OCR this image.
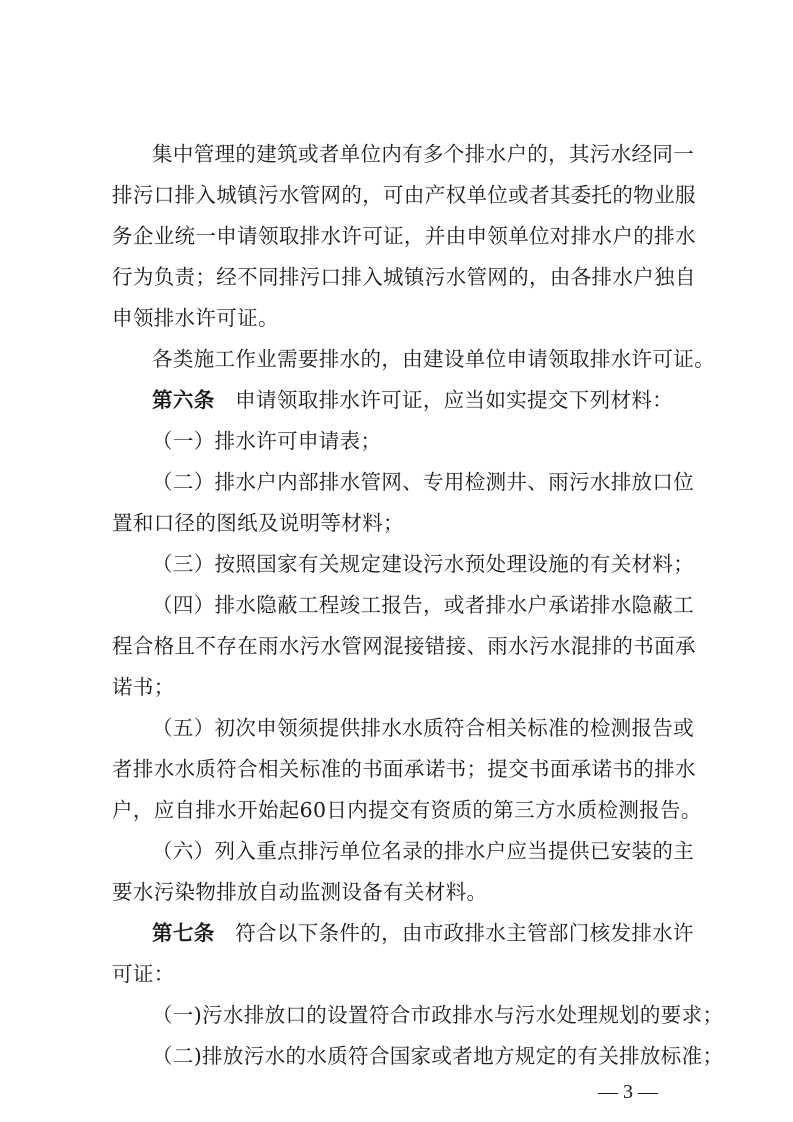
集中管理的建筑或者单位内有多个排水户的，其污水经同一
排污口排入城镇污水管网的，可由产权单位或者其委托的物业服
务企业统一申请领取排水许可证，并由申领单位对排水户的排水
行为负责；经不同排污口排入城镇污水管网的，由各排水户独自
申领排水许可证。
各类施工作业需要排水的，由建设单位申请领取排水许可证。
第六条 申请领取排水许可证，应当如实提交下列材料：
（一）排水许可申请表；
（二）排水户内部排水管网、专用检测井、雨污水排放口位
置和口径的图纸及说明等材料；
（三）按照国家有关规定建设污水预处理设施的有关材料；
（四）排水隐蔽工程竣工报告，或者排水户承诺排水隐蔽工
程合格且不存在雨水污水管网混接错接、雨水污水混排的书面承
诺书；
（五）初次申领须提供排水水质符合相关标准的检测报告或
者排水水质符合相关标准的书面承诺书；提交书面承诺书的排水
户，应自排水开始起60日内提交有资质的第三方水质检测报告。
（六）列入重点排污单位名录的排水户应当提供已安装的主
要水污染物排放自动监测设备有关材料。
第七条 符合以下条件的，由市政排水主管部门核发排水许
可证：
（一)污水排放口的设置符合市政排水与污水处理规划的要求；
（二)排放污水的水质符合国家或者地方规定的有关排放标准；
— 3 —
